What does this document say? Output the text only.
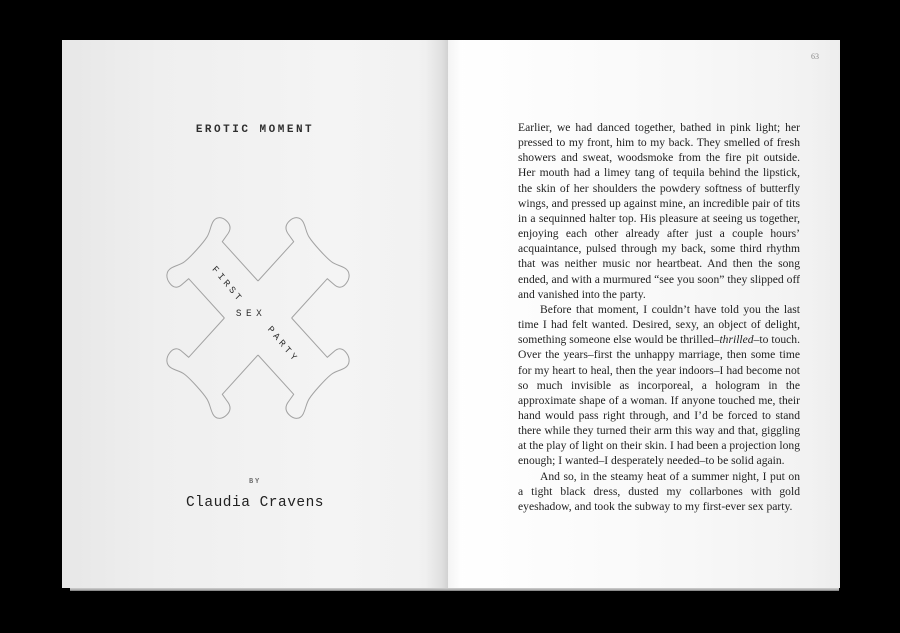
EROTIC MOMENT
FIRST
SEX
PARTY
BY
Claudia Cravens
63

Earlier, we had danced together, bathed in pink light; her pressed to my front, him to my back. They smelled of fresh showers and sweat, woodsmoke from the fire pit outside. Her mouth had a limey tang of tequila behind the lipstick, the skin of her shoulders the powdery softness of butterfly wings, and pressed up against mine, an incredible pair of tits in a sequinned halter top. His pleasure at seeing us together, enjoying each other already after just a couple hours’ acquaintance, pulsed through my back, some third rhythm that was neither music nor heartbeat. And then the song ended, and with a murmured “see you soon” they slipped off and vanished into the party.

Before that moment, I couldn’t have told you the last time I had felt wanted. Desired, sexy, an object of delight, something someone else would be thrilled–thrilled–to touch. Over the years–first the unhappy marriage, then some time for my heart to heal, then the year indoors–I had become not so much invisible as incorporeal, a hologram in the approximate shape of a woman. If anyone touched me, their hand would pass right through, and I’d be forced to stand there while they turned their arm this way and that, giggling at the play of light on their skin. I had been a projection long enough; I wanted–I desperately needed–to be solid again.

And so, in the steamy heat of a summer night, I put on a tight black dress, dusted my collarbones with gold eyeshadow, and took the subway to my first-ever sex party.
